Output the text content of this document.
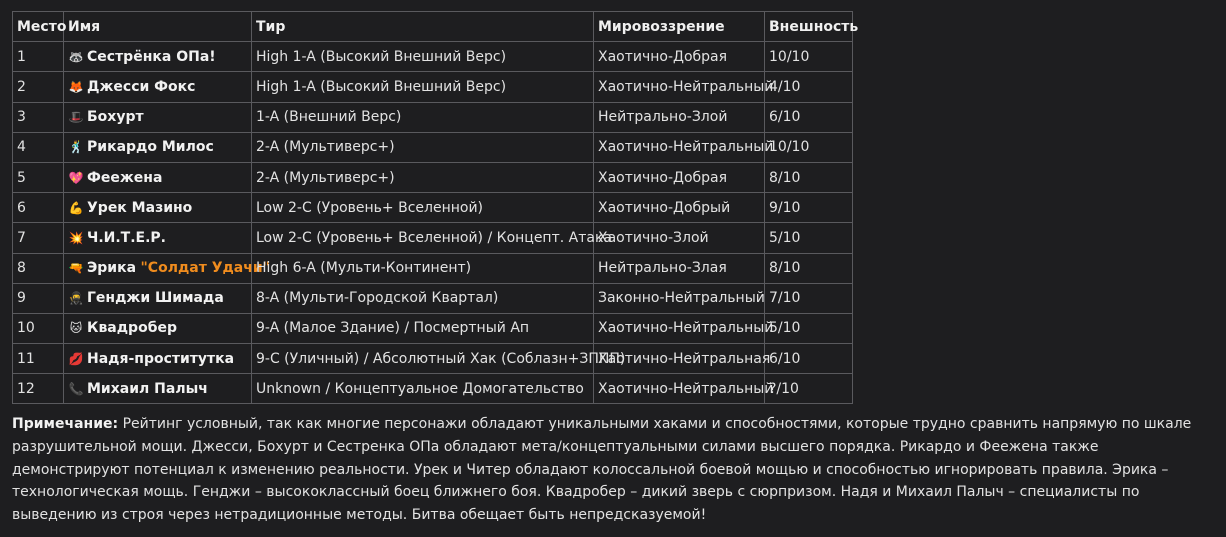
Место	Имя	Тир	Мировоззрение	Внешность
1	🦝 Сестрёнка ОПа!	High 1-A (Высокий Внешний Верс)	Хаотично-Добрая	10/10
2	🦊 Джесси Фокс	High 1-A (Высокий Внешний Верс)	Хаотично-Нейтральный	4/10
3	🎩 Бохурт	1-A (Внешний Верс)	Нейтрально-Злой	6/10
4	🕺 Рикардо Милос	2-A (Мультиверс+)	Хаотично-Нейтральный	10/10
5	💖 Феежена	2-A (Мультиверс+)	Хаотично-Добрая	8/10
6	💪 Урек Мазино	Low 2-C (Уровень+ Вселенной)	Хаотично-Добрый	9/10
7	💥 Ч.И.Т.Е.Р.	Low 2-C (Уровень+ Вселенной) / Концепт. Атака	Хаотично-Злой	5/10
8	🔫 Эрика "Солдат Удачи"	High 6-A (Мульти-Континент)	Нейтрально-Злая	8/10
9	🥷 Генджи Шимада	8-A (Мульти-Городской Квартал)	Законно-Нейтральный	7/10
10	🐱 Квадробер	9-A (Малое Здание) / Посмертный Ап	Хаотично-Нейтральный	5/10
11	💋 Надя-проститутка	9-C (Уличный) / Абсолютный Хак (Соблазн+ЗППП)	Хаотично-Нейтральная	6/10
12	📞 Михаил Палыч	Unknown / Концептуальное Домогательство	Хаотично-Нейтральный	?/10
Примечание: Рейтинг условный, так как многие персонажи обладают уникальными хаками и способностями, которые трудно сравнить напрямую по шкале разрушительной мощи. Джесси, Бохурт и Сестренка ОПа обладают мета/концептуальными силами высшего порядка. Рикардо и Феежена также демонстрируют потенциал к изменению реальности. Урек и Читер обладают колоссальной боевой мощью и способностью игнорировать правила. Эрика – технологическая мощь. Генджи – высококлассный боец ближнего боя. Квадробер – дикий зверь с сюрпризом. Надя и Михаил Палыч – специалисты по выведению из строя через нетрадиционные методы. Битва обещает быть непредсказуемой!
